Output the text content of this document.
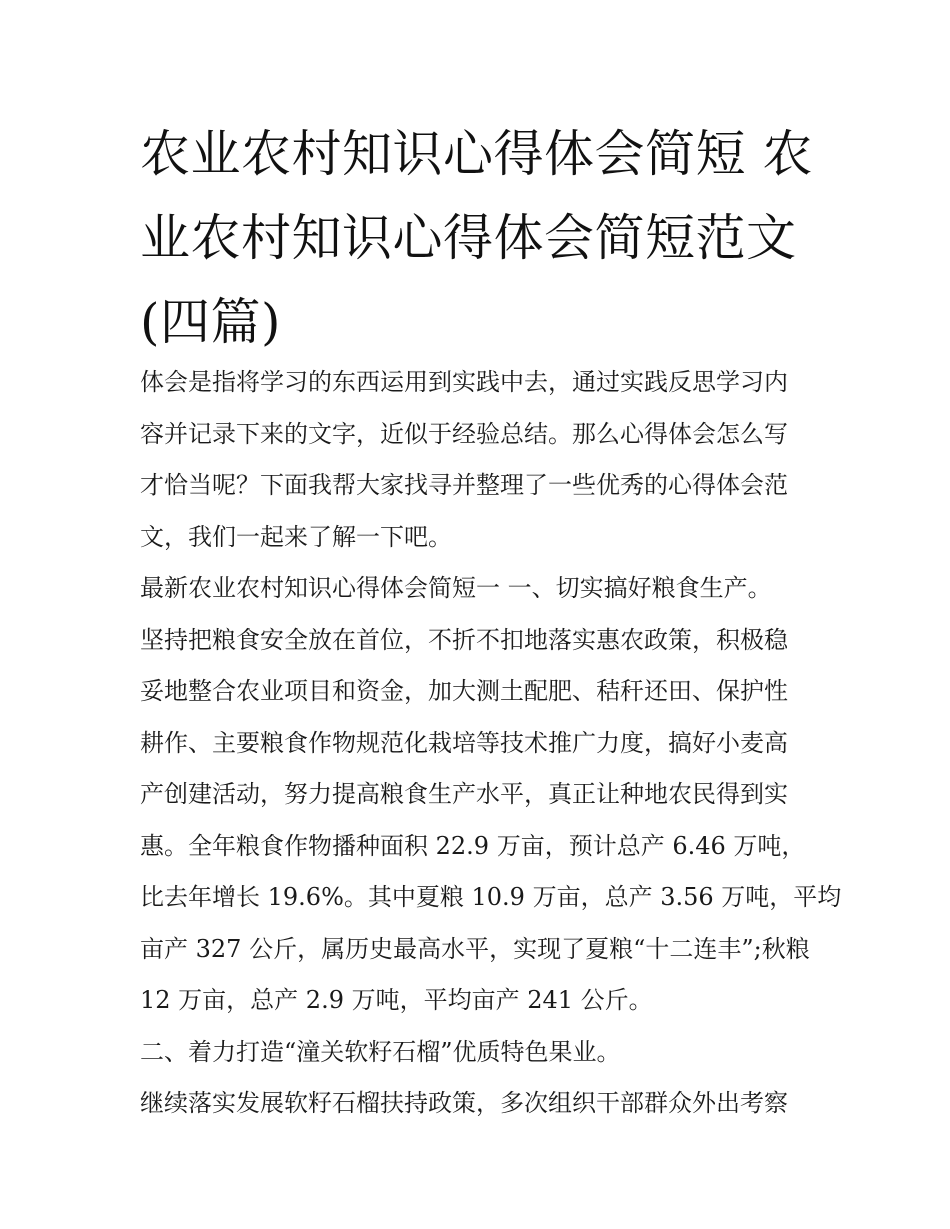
农业农村知识心得体会简短 农
业农村知识心得体会简短范文
(四篇)
体会是指将学习的东西运用到实践中去，通过实践反思学习内
容并记录下来的文字，近似于经验总结。那么心得体会怎么写
才恰当呢？下面我帮大家找寻并整理了一些优秀的心得体会范
文，我们一起来了解一下吧。
最新农业农村知识心得体会简短一 一、切实搞好粮食生产。
坚持把粮食安全放在首位，不折不扣地落实惠农政策，积极稳
妥地整合农业项目和资金，加大测土配肥、秸秆还田、保护性
耕作、主要粮食作物规范化栽培等技术推广力度，搞好小麦高
产创建活动，努力提高粮食生产水平，真正让种地农民得到实
惠。全年粮食作物播种面积 22.9 万亩，预计总产 6.46 万吨，
比去年增长 19.6%。其中夏粮 10.9 万亩，总产 3.56 万吨，平均
亩产 327 公斤，属历史最高水平，实现了夏粮“十二连丰”;秋粮
12 万亩，总产 2.9 万吨，平均亩产 241 公斤。
二、着力打造“潼关软籽石榴”优质特色果业。
继续落实发展软籽石榴扶持政策，多次组织干部群众外出考察
